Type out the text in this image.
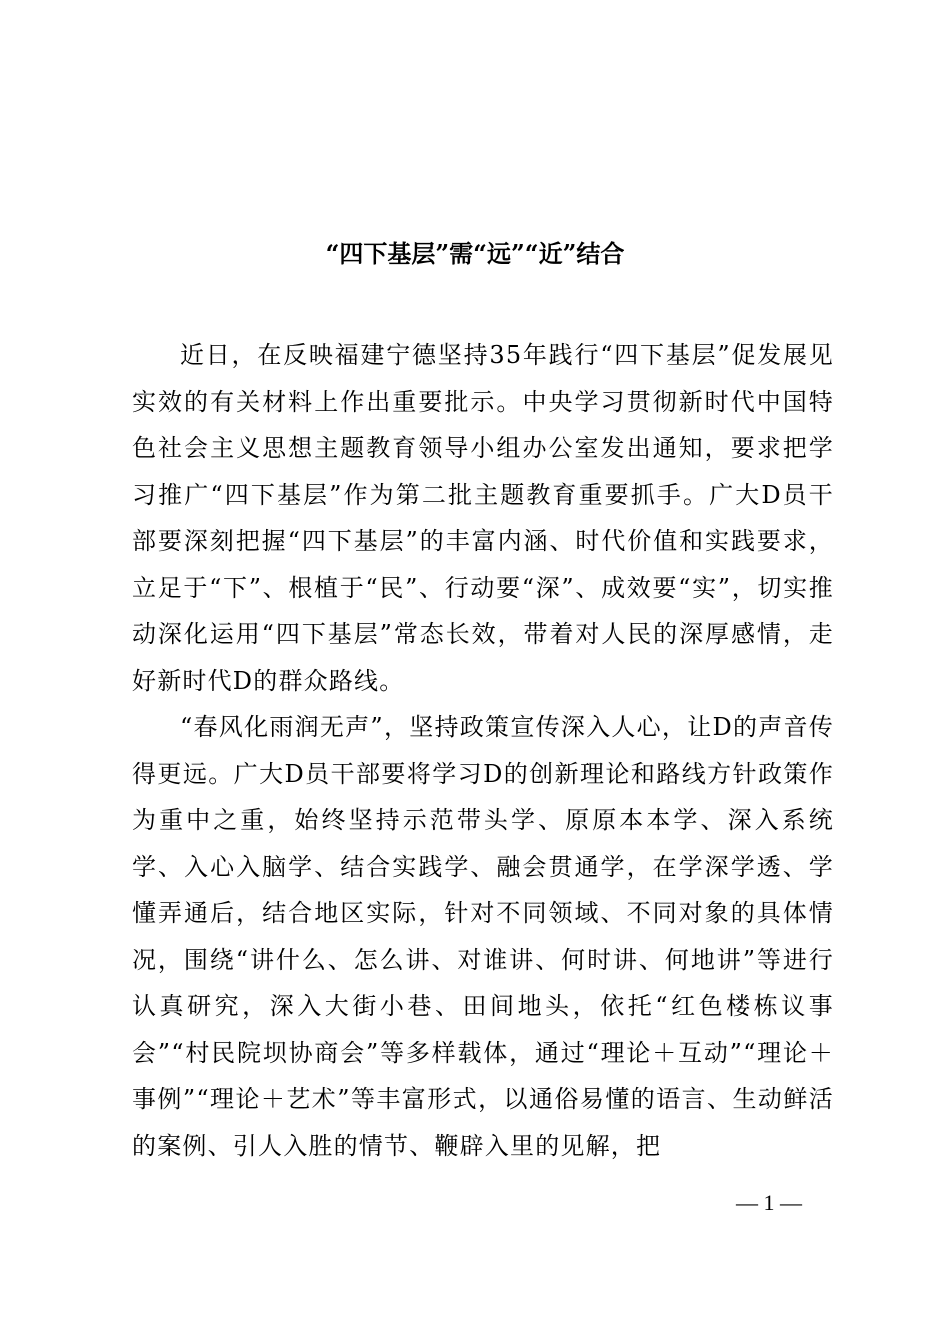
“四下基层”需“远”“近”结合

近日，在反映福建宁德坚持35年践行“四下基层”促发展见实效的有关材料上作出重要批示。中央学习贯彻新时代中国特色社会主义思想主题教育领导小组办公室发出通知，要求把学习推广“四下基层”作为第二批主题教育重要抓手。广大D员干部要深刻把握“四下基层”的丰富内涵、时代价值和实践要求，立足于“下”、根植于“民”、行动要“深”、成效要“实”，切实推动深化运用“四下基层”常态长效，带着对人民的深厚感情，走好新时代D的群众路线。

“春风化雨润无声”，坚持政策宣传深入人心，让D的声音传得更远。广大D员干部要将学习D的创新理论和路线方针政策作为重中之重，始终坚持示范带头学、原原本本学、深入系统学、入心入脑学、结合实践学、融会贯通学，在学深学透、学懂弄通后，结合地区实际，针对不同领域、不同对象的具体情况，围绕“讲什么、怎么讲、对谁讲、何时讲、何地讲”等进行认真研究，深入大街小巷、田间地头，依托“红色楼栋议事会”“村民院坝协商会”等多样载体，通过“理论＋互动”“理论＋事例”“理论＋艺术”等丰富形式，以通俗易懂的语言、生动鲜活的案例、引人入胜的情节、鞭辟入里的见解，把

— 1 —
